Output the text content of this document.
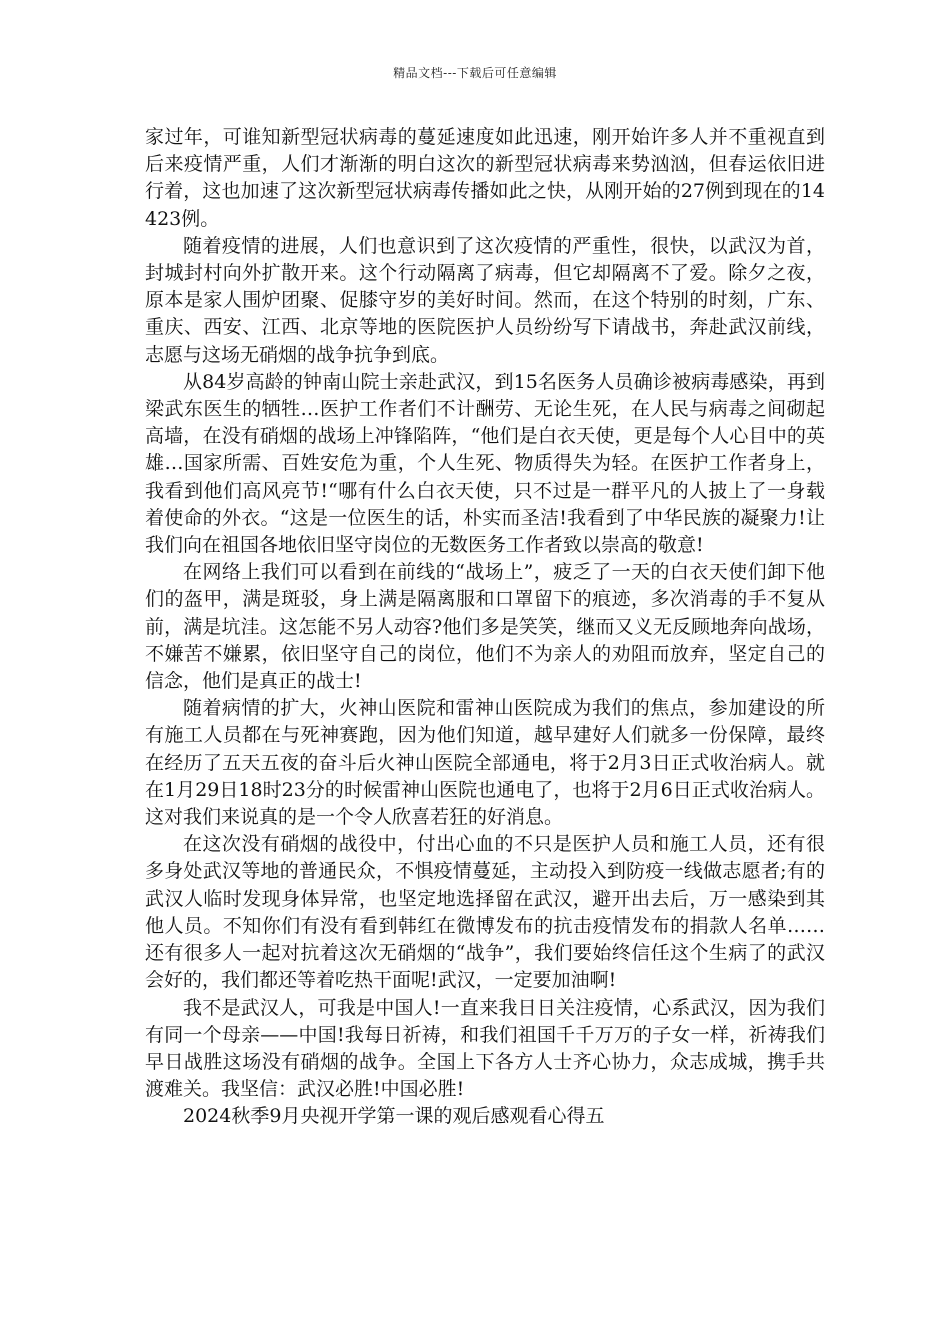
精品文档---下载后可任意编辑

家过年，可谁知新型冠状病毒的蔓延速度如此迅速，刚开始许多人并不重视直到后来疫情严重，人们才渐渐的明白这次的新型冠状病毒来势汹汹，但春运依旧进行着，这也加速了这次新型冠状病毒传播如此之快，从刚开始的27例到现在的14423例。

随着疫情的进展，人们也意识到了这次疫情的严重性，很快，以武汉为首，封城封村向外扩散开来。这个行动隔离了病毒，但它却隔离不了爱。除夕之夜，原本是家人围炉团聚、促膝守岁的美好时间。然而，在这个特别的时刻，广东、重庆、西安、江西、北京等地的医院医护人员纷纷写下请战书，奔赴武汉前线，志愿与这场无硝烟的战争抗争到底。

从84岁高龄的钟南山院士亲赴武汉，到15名医务人员确诊被病毒感染，再到梁武东医生的牺牲…医护工作者们不计酬劳、无论生死，在人民与病毒之间砌起高墙，在没有硝烟的战场上冲锋陷阵，“他们是白衣天使，更是每个人心目中的英雄…国家所需、百姓安危为重，个人生死、物质得失为轻。在医护工作者身上，我看到他们高风亮节!“哪有什么白衣天使，只不过是一群平凡的人披上了一身载着使命的外衣。“这是一位医生的话，朴实而圣洁!我看到了中华民族的凝聚力!让我们向在祖国各地依旧坚守岗位的无数医务工作者致以崇高的敬意!

在网络上我们可以看到在前线的“战场上”，疲乏了一天的白衣天使们卸下他们的盔甲，满是斑驳，身上满是隔离服和口罩留下的痕迹，多次消毒的手不复从前，满是坑洼。这怎能不另人动容?他们多是笑笑，继而又义无反顾地奔向战场，不嫌苦不嫌累，依旧坚守自己的岗位，他们不为亲人的劝阻而放弃，坚定自己的信念，他们是真正的战士!

随着病情的扩大，火神山医院和雷神山医院成为我们的焦点，参加建设的所有施工人员都在与死神赛跑，因为他们知道，越早建好人们就多一份保障，最终在经历了五天五夜的奋斗后火神山医院全部通电，将于2月3日正式收治病人。就在1月29日18时23分的时候雷神山医院也通电了，也将于2月6日正式收治病人。这对我们来说真的是一个令人欣喜若狂的好消息。

在这次没有硝烟的战役中，付出心血的不只是医护人员和施工人员，还有很多身处武汉等地的普通民众，不惧疫情蔓延，主动投入到防疫一线做志愿者;有的武汉人临时发现身体异常，也坚定地选择留在武汉，避开出去后，万一感染到其他人员。不知你们有没有看到韩红在微博发布的抗击疫情发布的捐款人名单……还有很多人一起对抗着这次无硝烟的“战争”，我们要始终信任这个生病了的武汉会好的，我们都还等着吃热干面呢!武汉，一定要加油啊!

我不是武汉人，可我是中国人!一直来我日日关注疫情，心系武汉，因为我们有同一个母亲——中国!我每日祈祷，和我们祖国千千万万的子女一样，祈祷我们早日战胜这场没有硝烟的战争。全国上下各方人士齐心协力，众志成城，携手共渡难关。我坚信：武汉必胜!中国必胜!

2024秋季9月央视开学第一课的观后感观看心得五
